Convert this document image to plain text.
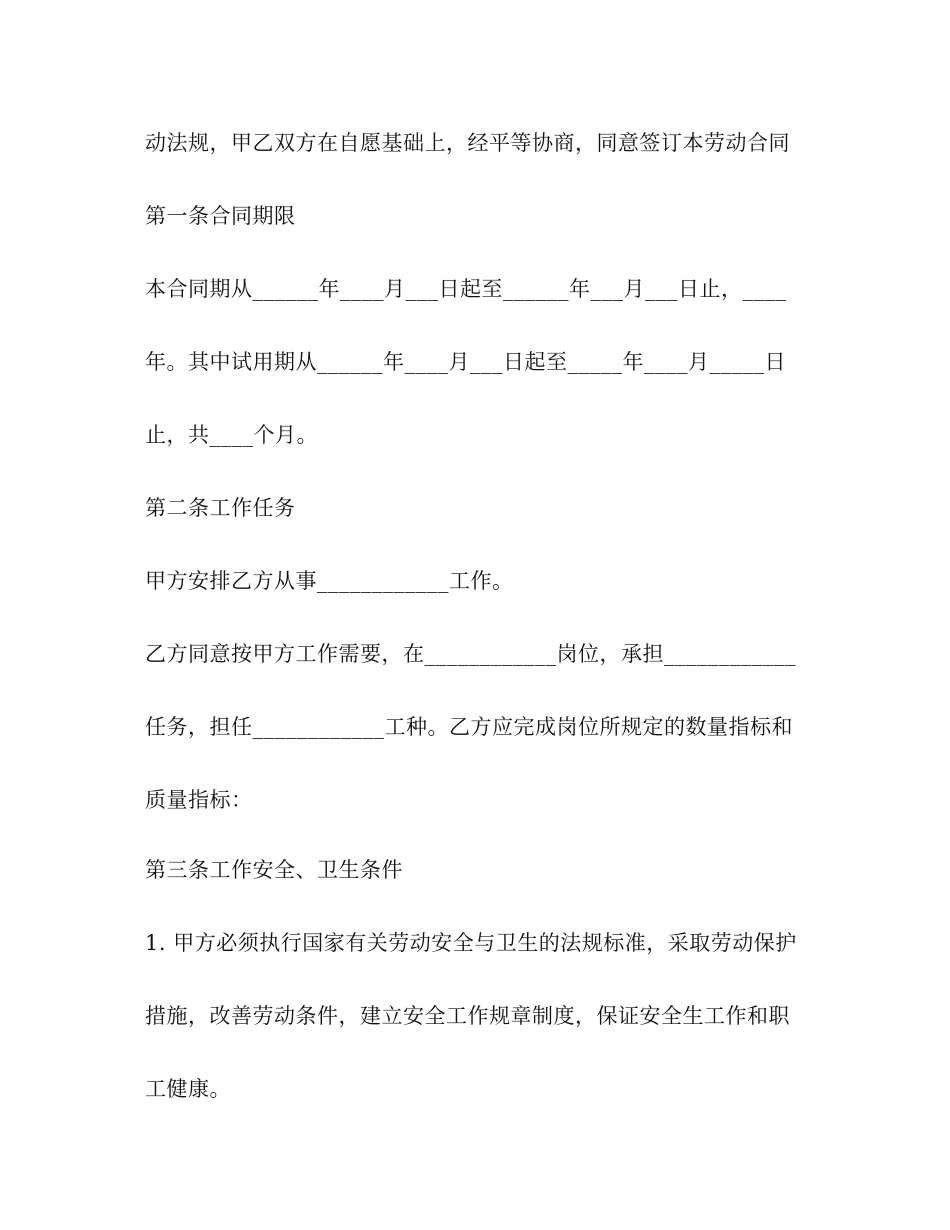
动法规，甲乙双方在自愿基础上，经平等协商，同意签订本劳动合同
第一条合同期限
本合同期从______年____月___日起至______年___月___日止，____
年。其中试用期从______年____月___日起至_____年____月_____日
止，共____个月。
第二条工作任务
甲方安排乙方从事____________工作。
乙方同意按甲方工作需要，在____________岗位，承担____________
任务，担任____________工种。乙方应完成岗位所规定的数量指标和
质量指标：
第三条工作安全、卫生条件
1. 甲方必须执行国家有关劳动安全与卫生的法规标准，采取劳动保护
措施，改善劳动条件，建立安全工作规章制度，保证安全生工作和职
工健康。
